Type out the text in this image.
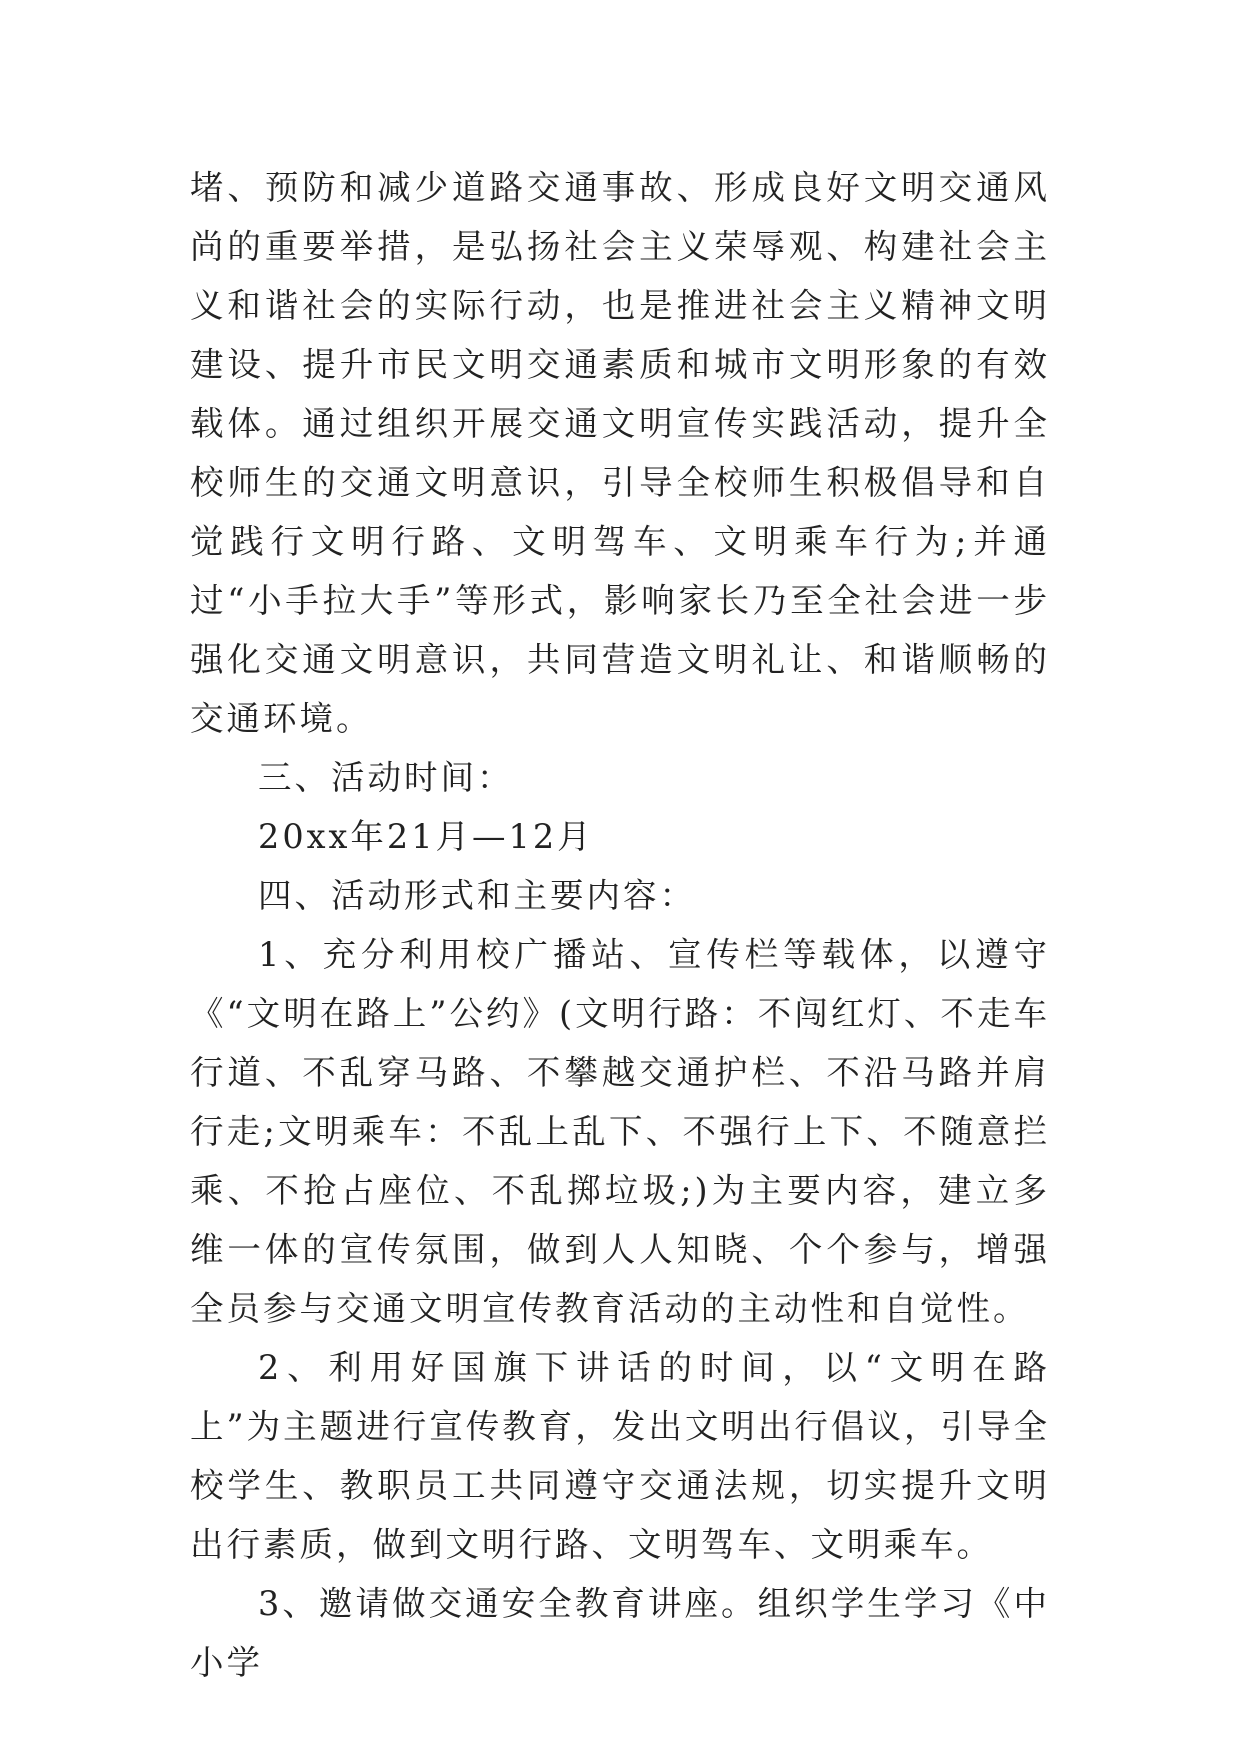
堵、预防和减少道路交通事故、形成良好文明交通风尚的重要举措，是弘扬社会主义荣辱观、构建社会主义和谐社会的实际行动，也是推进社会主义精神文明建设、提升市民文明交通素质和城市文明形象的有效载体。通过组织开展交通文明宣传实践活动，提升全校师生的交通文明意识，引导全校师生积极倡导和自觉践行文明行路、文明驾车、文明乘车行为;并通过“小手拉大手”等形式，影响家长乃至全社会进一步强化交通文明意识，共同营造文明礼让、和谐顺畅的交通环境。

三、活动时间：

20xx年21月—12月

四、活动形式和主要内容：

1、充分利用校广播站、宣传栏等载体，以遵守《“文明在路上”公约》(文明行路：不闯红灯、不走车行道、不乱穿马路、不攀越交通护栏、不沿马路并肩行走;文明乘车：不乱上乱下、不强行上下、不随意拦乘、不抢占座位、不乱掷垃圾;)为主要内容，建立多维一体的宣传氛围，做到人人知晓、个个参与，增强全员参与交通文明宣传教育活动的主动性和自觉性。

2、利用好国旗下讲话的时间，以“文明在路上”为主题进行宣传教育，发出文明出行倡议，引导全校学生、教职员工共同遵守交通法规，切实提升文明出行素质，做到文明行路、文明驾车、文明乘车。

3、邀请做交通安全教育讲座。组织学生学习《中小学
